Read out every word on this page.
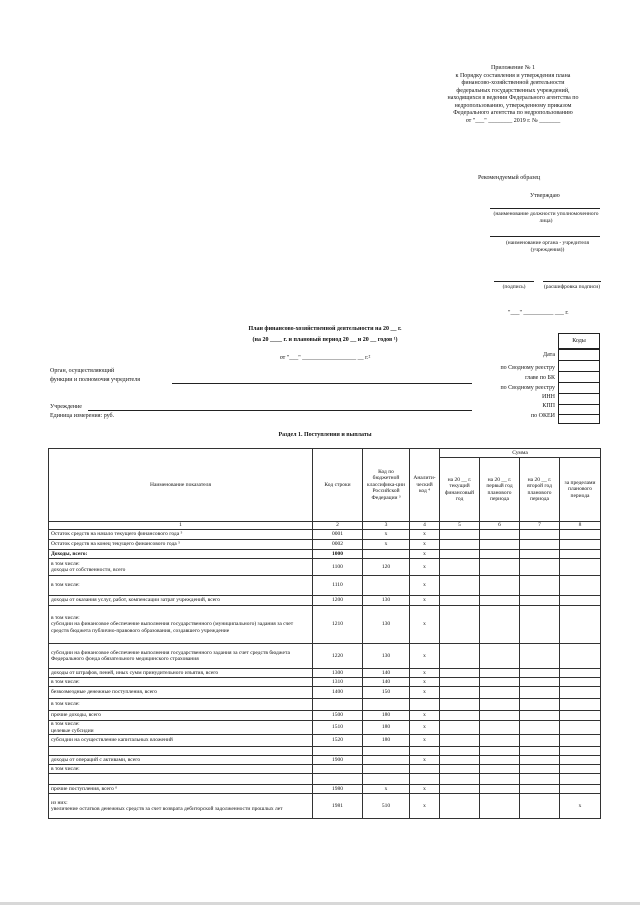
Приложение № 1
к Порядку составления и утверждения плана
финансово-хозяйственной деятельности
федеральных государственных учреждений,
находящихся в ведении Федерального агентства по
недропользованию, утвержденному приказом
Федерального агентства по недропользованию
от "___" ________ 2019 г. № _______
Рекомендуемый образец
Утверждаю
(наименование должности уполномоченного лица)
(наименование органа - учредителя (учреждения))
(подпись)	(расшифровка подписи)
"___" __________ ___ г.
План финансово-хозяйственной деятельности на 20 __ г.
(на 20 ____ г. и плановый период 20 __ и 20 __ годов ¹)
от "___" __________________ __ г.²
Коды
Дата
по Сводному реестру
главе по БК
по Сводному реестру
ИНН
КПП
по ОКЕИ
Орган, осуществляющий
функции и полномочия учредителя
Учреждение
Единица измерения: руб.
Раздел 1. Поступления и выплаты
Наименование показателя	Код строки	Код по бюджетной классифика-ции Российской Федерации ³	Аналити-ческий код ⁴	Сумма			
				на 20 __ г. текущий финансовый год	на 20 __ г. первый год планового периода	на 20 __ г. второй год планового периода	за пределами планового периода
1	2	3	4	5	6	7	8
Остаток средств на начало текущего финансового года ⁵	0001	x	x				
Остаток средств на конец текущего финансового года ⁵	0002	x	x				
Доходы, всего:	1000		x				
в том числе:
доходы от собственности, всего	1100	120	x				
в том числе:	1110		x				
доходы от оказания услуг, работ, компенсации затрат учреждений, всего	1200	130	x				
в том числе:
субсидии на финансовое обеспечение выполнения государственного (муниципального) задания за счет средств бюджета публично-правового образования, создавшего учреждение	1210	130	x				
субсидии на финансовое обеспечение выполнения государственного задания за счет средств бюджета Федерального фонда обязательного медицинского страхования	1220	130	x				
доходы от штрафов, пеней, иных сумм принудительного изъятия, всего	1300	140	x				
в том числе:	1310	140	x				
безвозмездные денежные поступления, всего	1400	150	x				
в том числе:							
прочие доходы, всего	1500	180	x				
в том числе:
целевые субсидии	1510	180	x				
субсидии на осуществление капитальных вложений	1520	180	x				

доходы от операций с активами, всего	1900		x				
в том числе:							

прочие поступления, всего ⁶	1980	x	x				
из них:
увеличение остатков денежных средств за счет возврата дебиторской задолженности прошлых лет	1981	510	x				x
